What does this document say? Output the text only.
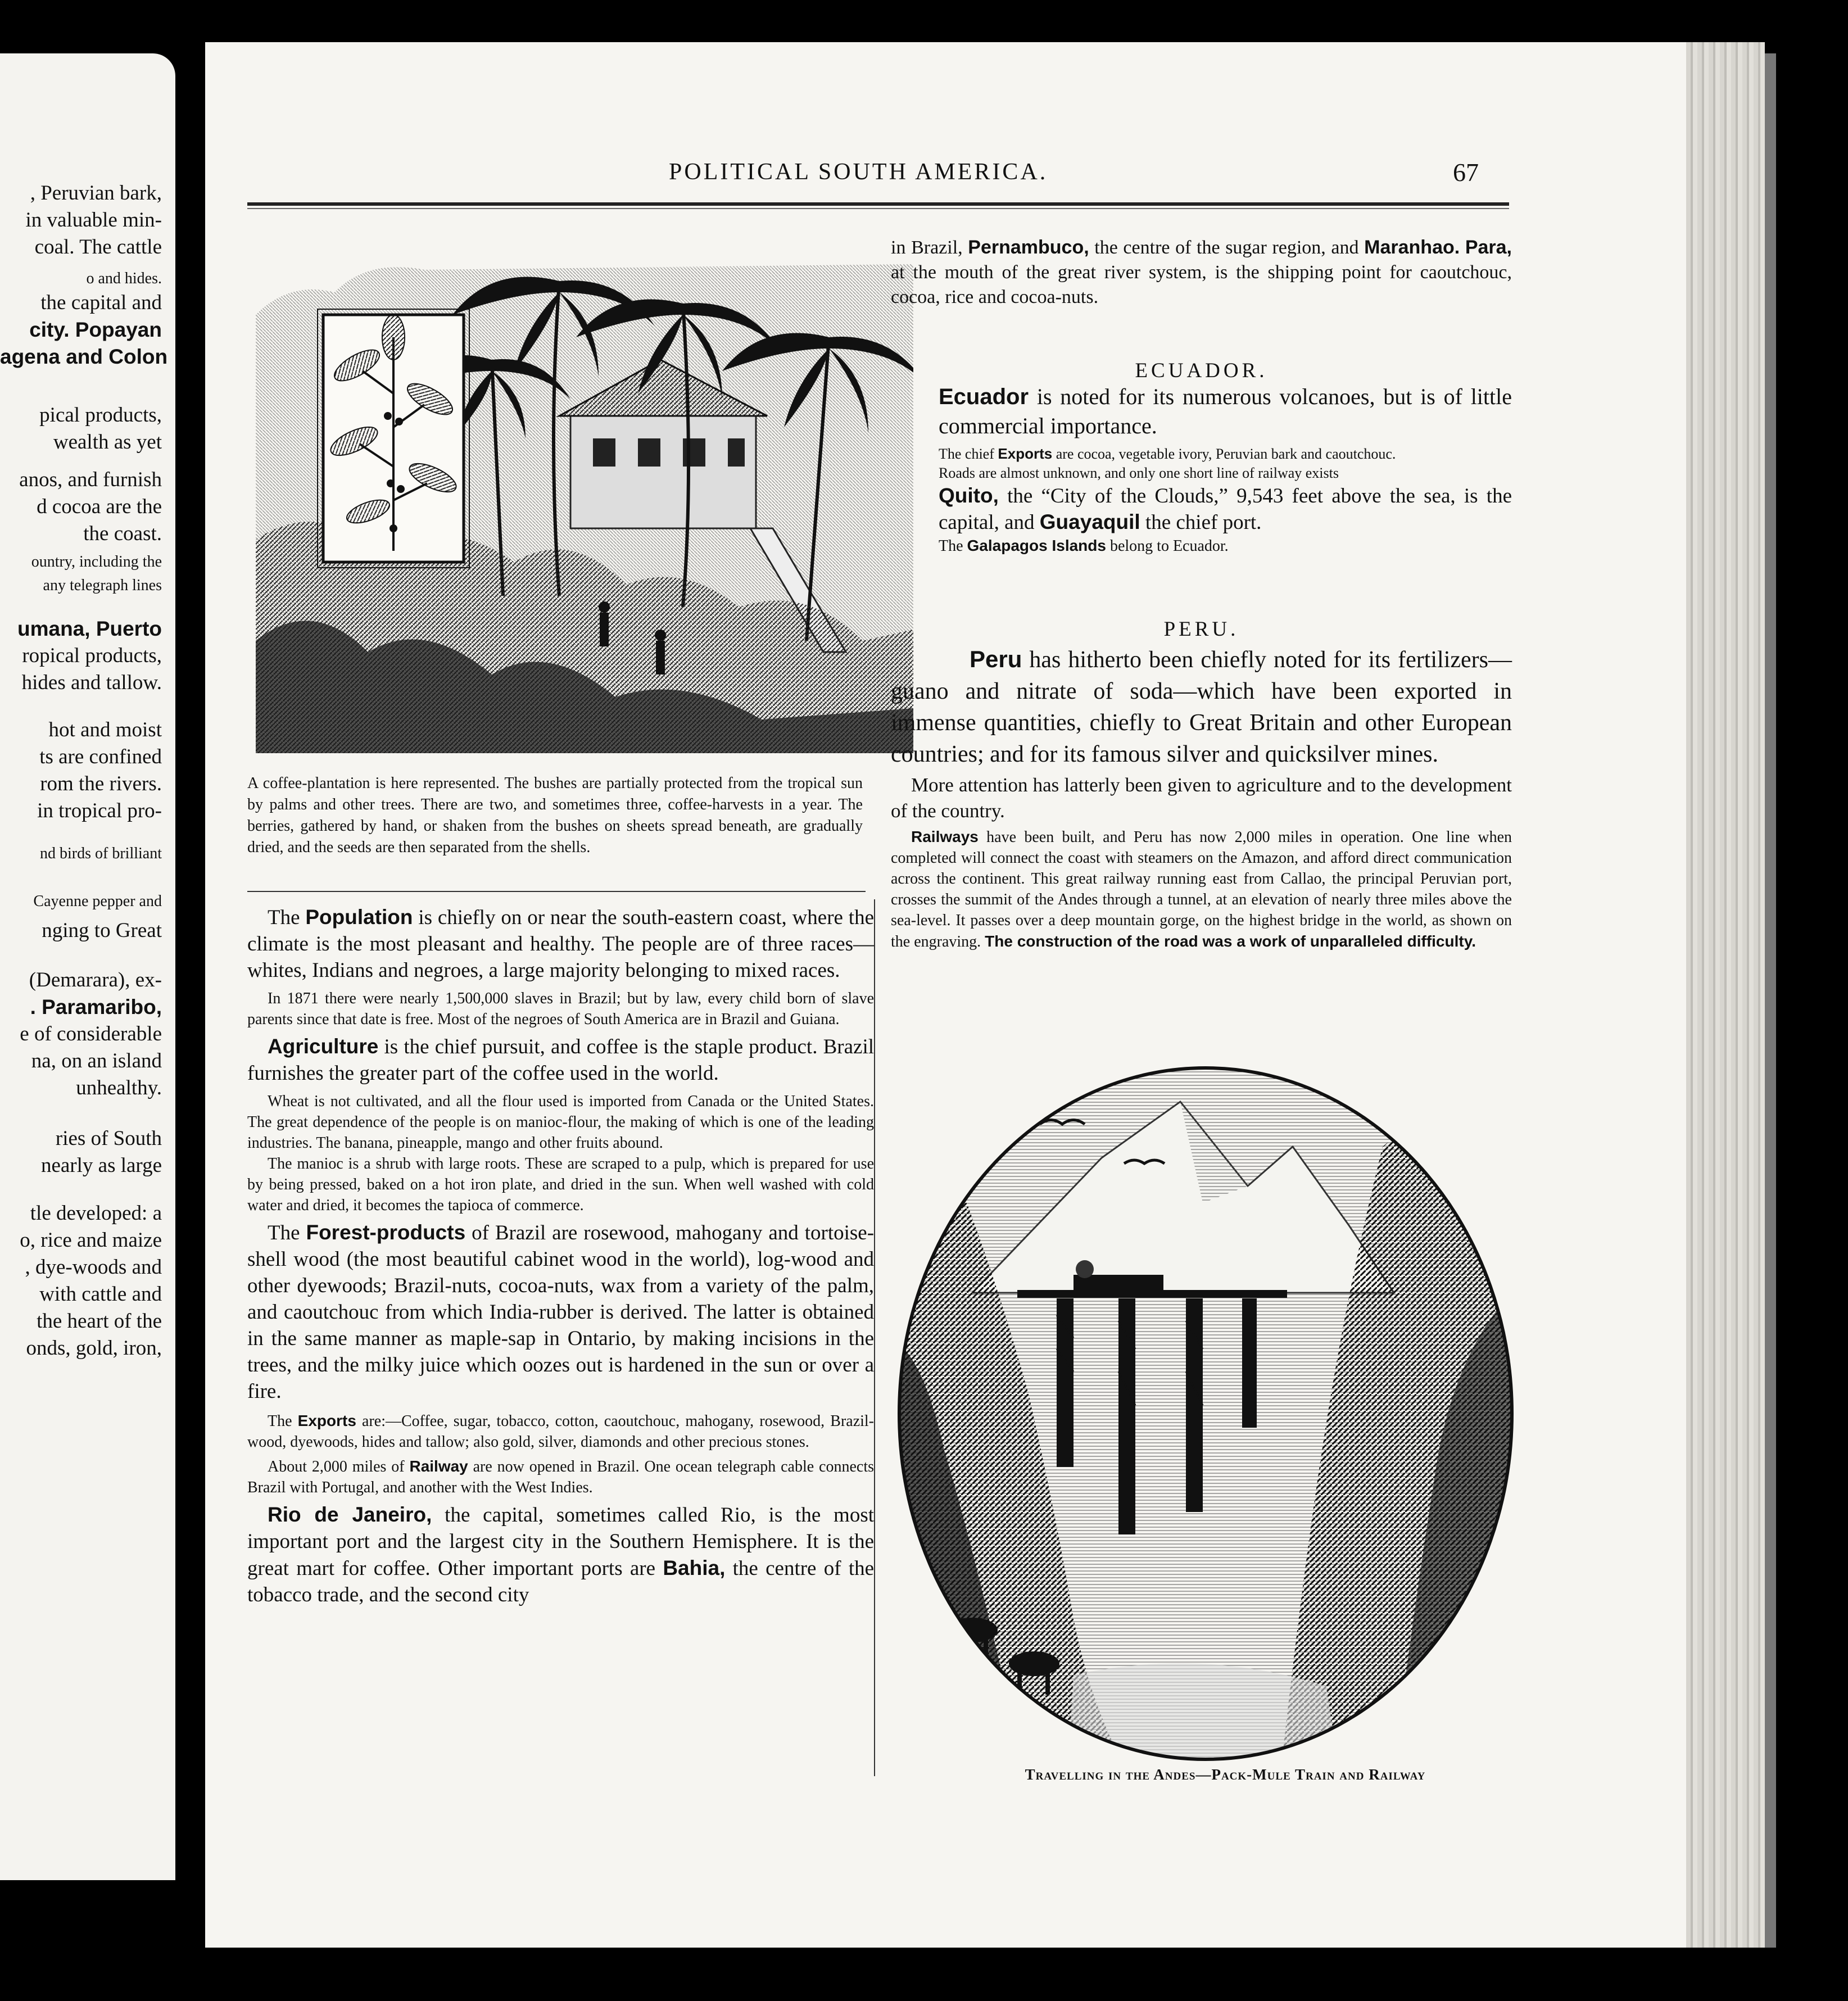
, Peruvian bark,
in valuable min-
coal. The cattle
o and hides.
the capital and
city. Popayan
agena and Colon
pical products,
wealth as yet
anos, and furnish
d cocoa are the
the coast.
ountry, including the
any telegraph lines
umana, Puerto
ropical products,
hides and tallow.
hot and moist
ts are confined
rom the rivers.
in tropical pro-
nd birds of brilliant
Cayenne pepper and
nging to Great
(Demarara), ex-
. Paramaribo,
e of considerable
na, on an island
unhealthy.
ries of South
nearly as large
tle developed: a
o, rice and maize
, dye-woods and
with cattle and
the heart of the
onds, gold, iron,
POLITICAL SOUTH AMERICA.	67
A coffee-plantation is here represented. The bushes are partially protected from the tropical sun by palms and other trees. There are two, and sometimes three, coffee-harvests in a year. The berries, gathered by hand, or shaken from the bushes on sheets spread beneath, are gradually dried, and the seeds are then separated from the shells.

The Population is chiefly on or near the south-eastern coast, where the climate is the most pleasant and healthy. The people are of three races—whites, Indians and negroes, a large majority belonging to mixed races.

In 1871 there were nearly 1,500,000 slaves in Brazil; but by law, every child born of slave parents since that date is free. Most of the negroes of South America are in Brazil and Guiana.

Agriculture is the chief pursuit, and coffee is the staple product. Brazil furnishes the greater part of the coffee used in the world.

Wheat is not cultivated, and all the flour used is imported from Canada or the United States. The great dependence of the people is on manioc-flour, the making of which is one of the leading industries. The banana, pineapple, mango and other fruits abound.

The manioc is a shrub with large roots. These are scraped to a pulp, which is prepared for use by being pressed, baked on a hot iron plate, and dried in the sun. When well washed with cold water and dried, it becomes the tapioca of commerce.

The Forest-products of Brazil are rosewood, mahogany and tortoise-shell wood (the most beautiful cabinet wood in the world), log-wood and other dyewoods; Brazil-nuts, cocoa-nuts, wax from a variety of the palm, and caoutchouc from which India-rubber is derived. The latter is obtained in the same manner as maple-sap in Ontario, by making incisions in the trees, and the milky juice which oozes out is hardened in the sun or over a fire.

The Exports are:—Coffee, sugar, tobacco, cotton, caoutchouc, mahogany, rosewood, Brazil-wood, dyewoods, hides and tallow; also gold, silver, diamonds and other precious stones.

About 2,000 miles of Railway are now opened in Brazil. One ocean telegraph cable connects Brazil with Portugal, and another with the West Indies.

Rio de Janeiro, the capital, sometimes called Rio, is the most important port and the largest city in the Southern Hemisphere. It is the great mart for coffee. Other important ports are Bahia, the centre of the tobacco trade, and the second city

in Brazil, Pernambuco, the centre of the sugar region, and Maranhao. Para, at the mouth of the great river system, is the shipping point for caoutchouc, cocoa, rice and cocoa-nuts.

ECUADOR.

Ecuador is noted for its numerous volcanoes, but is of little commercial importance.

The chief Exports are cocoa, vegetable ivory, Peruvian bark and caoutchouc.

Roads are almost unknown, and only one short line of railway exists

Quito, the “City of the Clouds,” 9,543 feet above the sea, is the capital, and Guayaquil the chief port.

The Galapagos Islands belong to Ecuador.

PERU.

Peru has hitherto been chiefly noted for its fertilizers—guano and nitrate of soda—which have been exported in immense quantities, chiefly to Great Britain and other European countries; and for its famous silver and quicksilver mines.

More attention has latterly been given to agriculture and to the development of the country.

Railways have been built, and Peru has now 2,000 miles in operation. One line when completed will connect the coast with steamers on the Amazon, and afford direct communication across the continent. This great railway running east from Callao, the principal Peruvian port, crosses the summit of the Andes through a tunnel, at an elevation of nearly three miles above the sea-level. It passes over a deep mountain gorge, on the highest bridge in the world, as shown on the engraving. The construction of the road was a work of unparalleled difficulty.

Travelling in the Andes—Pack-Mule Train and Railway
